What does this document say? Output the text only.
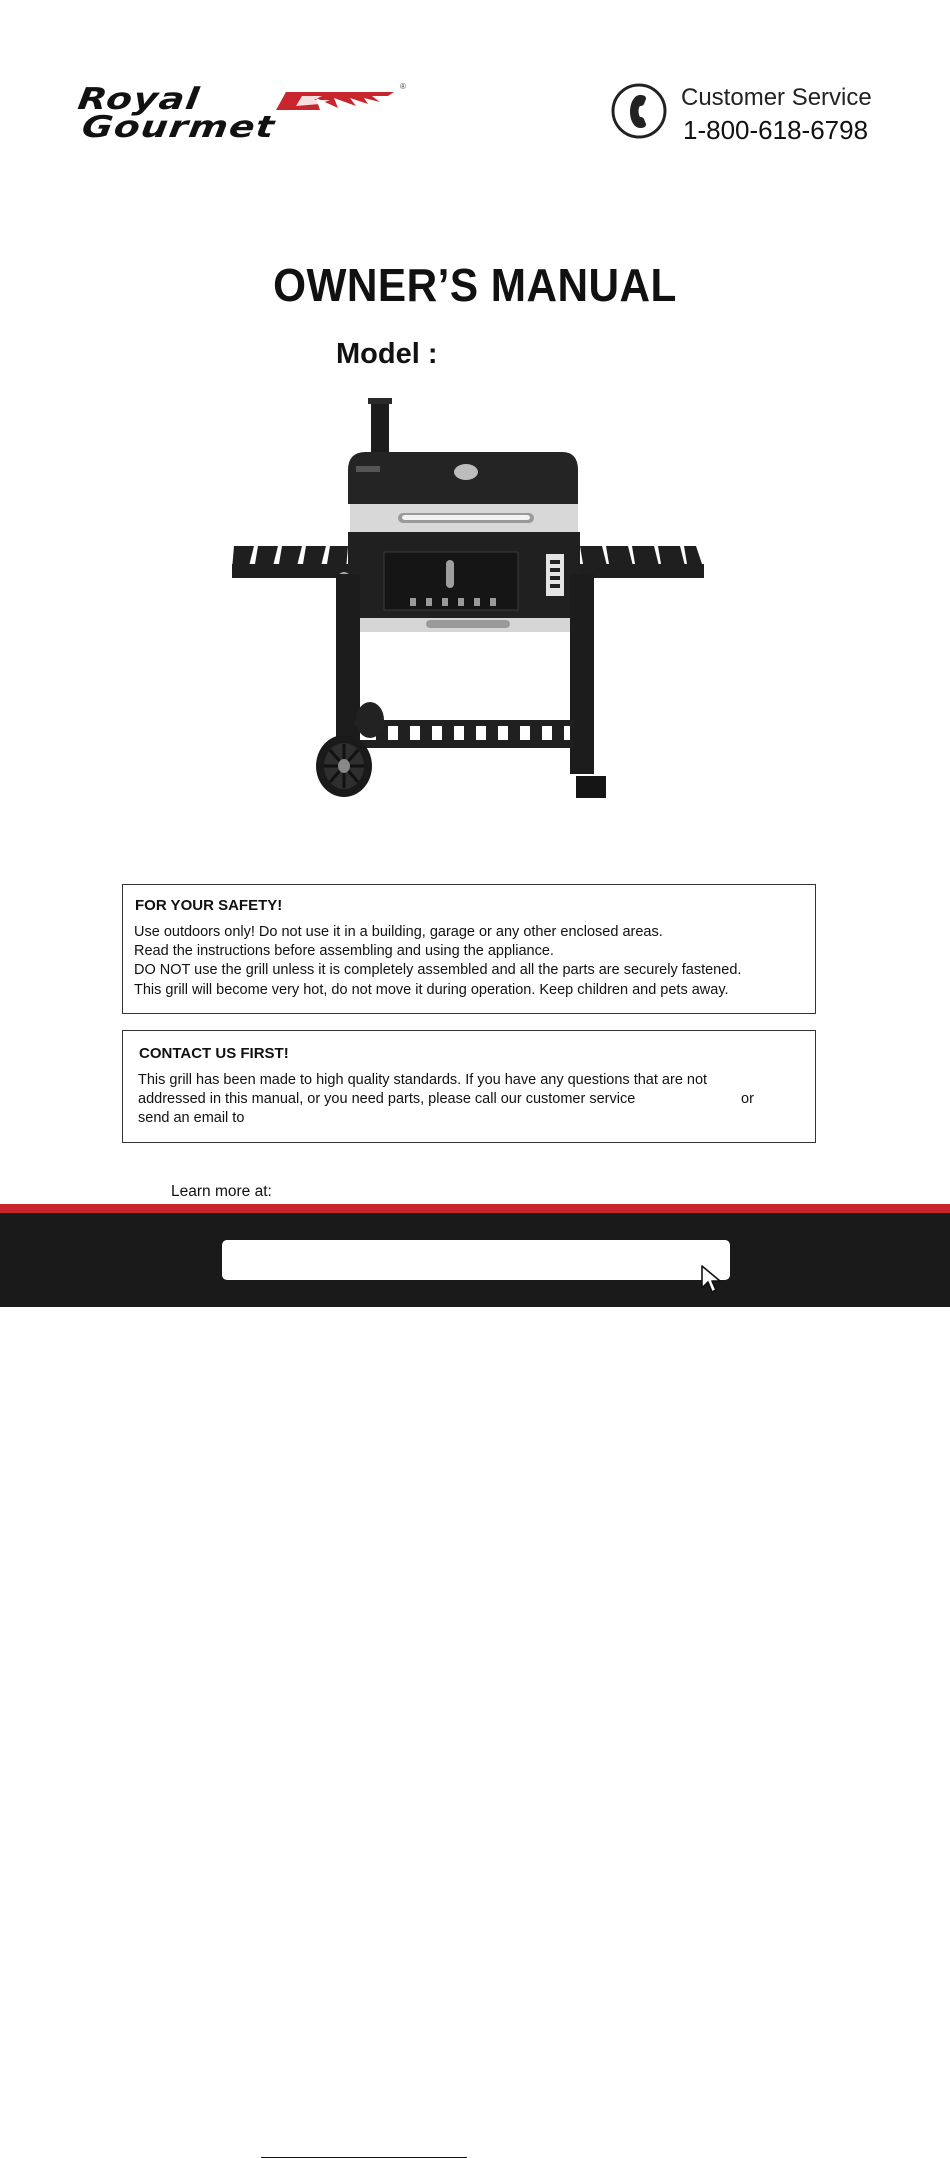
Royal
Gourmet
®	Customer Service
1-800-618-6798
OWNER’S MANUAL
Model :
FOR YOUR SAFETY!
Use outdoors only! Do not use it in a building, garage or any other enclosed areas.
Read the instructions before assembling and using the appliance.
DO NOT use the grill unless it is completely assembled and all the parts are securely fastened.
This grill will become very hot, do not move it during operation. Keep children and pets away.
CONTACT US FIRST!
This grill has been made to high quality standards. If you have any questions that are not
addressed in this manual, or you need parts, please call our customer service	or
send an email to
Learn more at:
